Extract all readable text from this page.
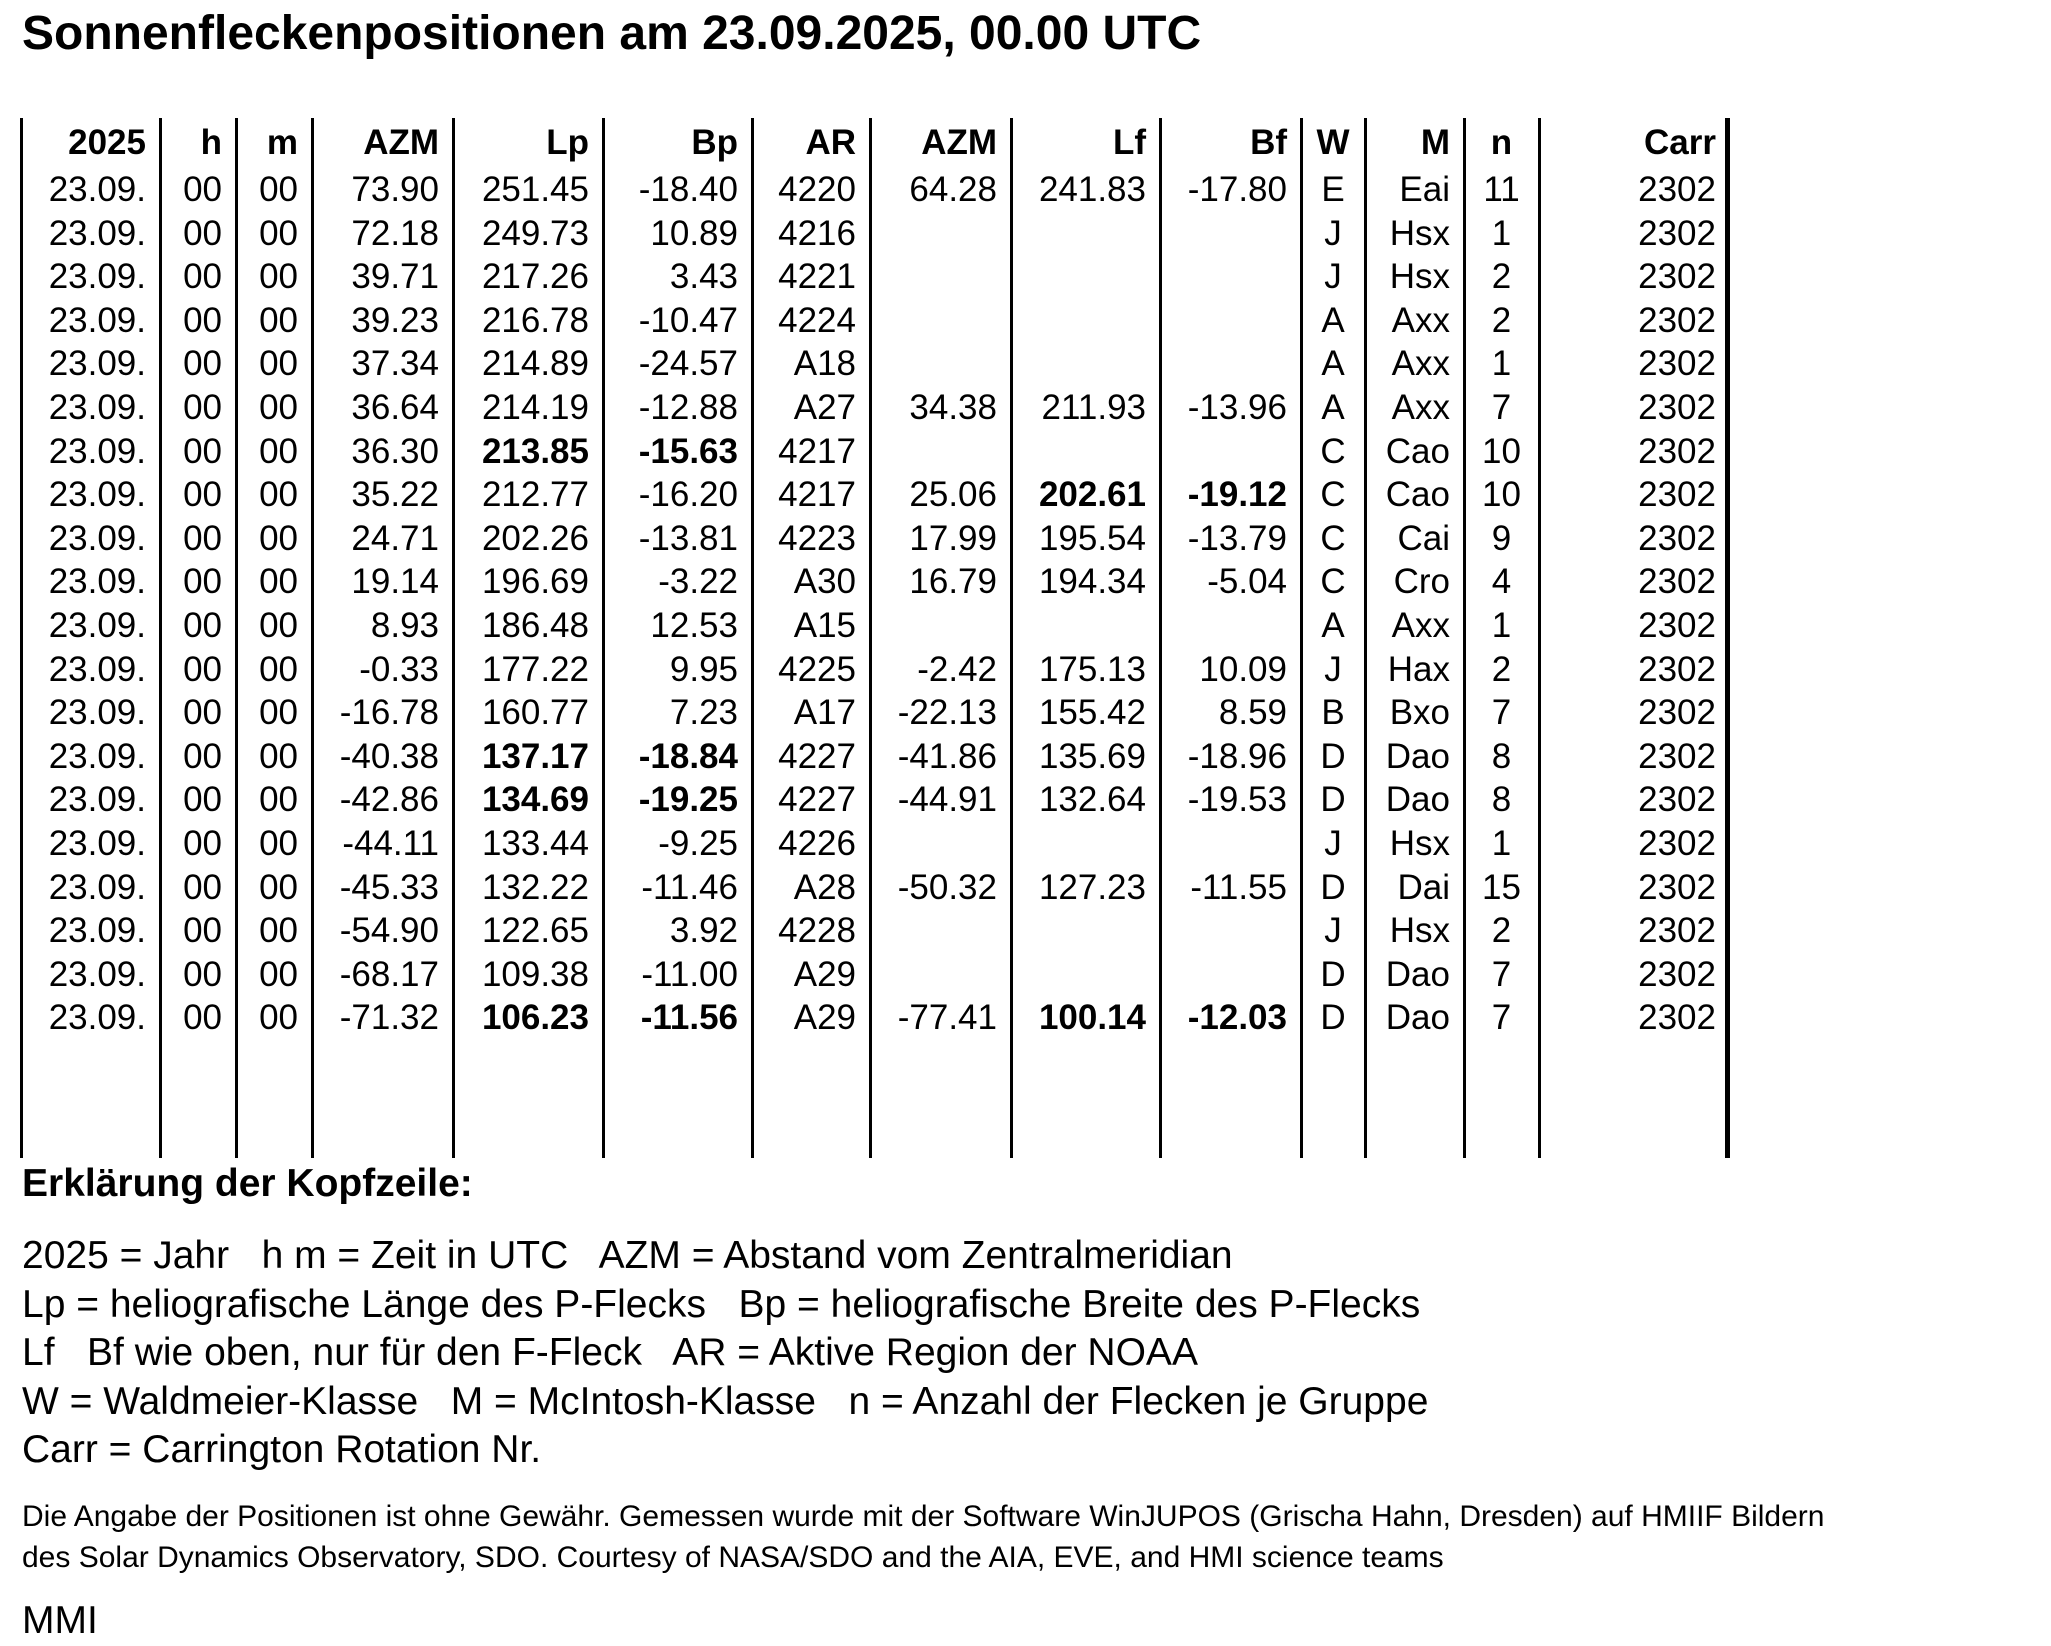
Sonnenfleckenpositionen am 23.09.2025, 00.00 UTC
2025	h	m	AZM	Lp	Bp	AR	AZM	Lf	Bf	W	M	n	Carr
23.09.	00	00	73.90	251.45	-18.40	4220	64.28	241.83	-17.80	E	Eai	11	2302
23.09.	00	00	72.18	249.73	10.89	4216				J	Hsx	1	2302
23.09.	00	00	39.71	217.26	3.43	4221				J	Hsx	2	2302
23.09.	00	00	39.23	216.78	-10.47	4224				A	Axx	2	2302
23.09.	00	00	37.34	214.89	-24.57	A18				A	Axx	1	2302
23.09.	00	00	36.64	214.19	-12.88	A27	34.38	211.93	-13.96	A	Axx	7	2302
23.09.	00	00	36.30	213.85	-15.63	4217				C	Cao	10	2302
23.09.	00	00	35.22	212.77	-16.20	4217	25.06	202.61	-19.12	C	Cao	10	2302
23.09.	00	00	24.71	202.26	-13.81	4223	17.99	195.54	-13.79	C	Cai	9	2302
23.09.	00	00	19.14	196.69	-3.22	A30	16.79	194.34	-5.04	C	Cro	4	2302
23.09.	00	00	8.93	186.48	12.53	A15				A	Axx	1	2302
23.09.	00	00	-0.33	177.22	9.95	4225	-2.42	175.13	10.09	J	Hax	2	2302
23.09.	00	00	-16.78	160.77	7.23	A17	-22.13	155.42	8.59	B	Bxo	7	2302
23.09.	00	00	-40.38	137.17	-18.84	4227	-41.86	135.69	-18.96	D	Dao	8	2302
23.09.	00	00	-42.86	134.69	-19.25	4227	-44.91	132.64	-19.53	D	Dao	8	2302
23.09.	00	00	-44.11	133.44	-9.25	4226				J	Hsx	1	2302
23.09.	00	00	-45.33	132.22	-11.46	A28	-50.32	127.23	-11.55	D	Dai	15	2302
23.09.	00	00	-54.90	122.65	3.92	4228				J	Hsx	2	2302
23.09.	00	00	-68.17	109.38	-11.00	A29				D	Dao	7	2302
23.09.	00	00	-71.32	106.23	-11.56	A29	-77.41	100.14	-12.03	D	Dao	7	2302
Erklärung der Kopfzeile:
2025 = Jahr   h m = Zeit in UTC   AZM = Abstand vom Zentralmeridian
Lp = heliografische Länge des P-Flecks   Bp = heliografische Breite des P-Flecks
Lf   Bf wie oben, nur für den F-Fleck   AR = Aktive Region der NOAA
W = Waldmeier-Klasse   M = McIntosh-Klasse   n = Anzahl der Flecken je Gruppe
Carr = Carrington Rotation Nr.
Die Angabe der Positionen ist ohne Gewähr. Gemessen wurde mit der Software WinJUPOS (Grischa Hahn, Dresden) auf HMIIF Bildern
des Solar Dynamics Observatory, SDO. Courtesy of NASA/SDO and the AIA, EVE, and HMI science teams
MMI
